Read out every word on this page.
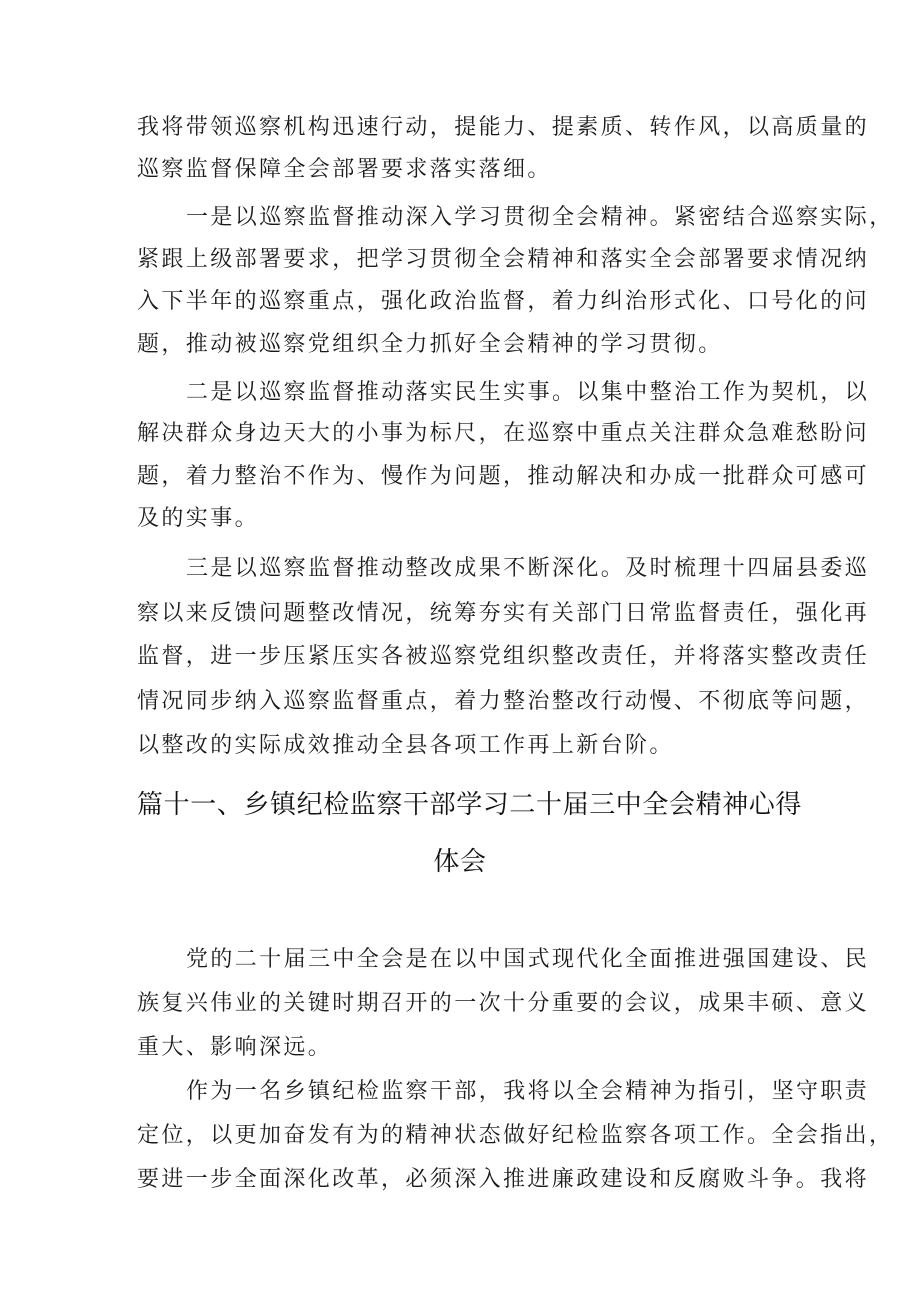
我将带领巡察机构迅速行动，提能力、提素质、转作风，以高质量的
巡察监督保障全会部署要求落实落细。
一是以巡察监督推动深入学习贯彻全会精神。紧密结合巡察实际，
紧跟上级部署要求，把学习贯彻全会精神和落实全会部署要求情况纳
入下半年的巡察重点，强化政治监督，着力纠治形式化、口号化的问
题，推动被巡察党组织全力抓好全会精神的学习贯彻。
二是以巡察监督推动落实民生实事。以集中整治工作为契机，以
解决群众身边天大的小事为标尺，在巡察中重点关注群众急难愁盼问
题，着力整治不作为、慢作为问题，推动解决和办成一批群众可感可
及的实事。
三是以巡察监督推动整改成果不断深化。及时梳理十四届县委巡
察以来反馈问题整改情况，统筹夯实有关部门日常监督责任，强化再
监督，进一步压紧压实各被巡察党组织整改责任，并将落实整改责任
情况同步纳入巡察监督重点，着力整治整改行动慢、不彻底等问题，
以整改的实际成效推动全县各项工作再上新台阶。
篇十一、乡镇纪检监察干部学习二十届三中全会精神心得
体会
党的二十届三中全会是在以中国式现代化全面推进强国建设、民
族复兴伟业的关键时期召开的一次十分重要的会议，成果丰硕、意义
重大、影响深远。
作为一名乡镇纪检监察干部，我将以全会精神为指引，坚守职责
定位，以更加奋发有为的精神状态做好纪检监察各项工作。全会指出，
要进一步全面深化改革，必须深入推进廉政建设和反腐败斗争。我将
